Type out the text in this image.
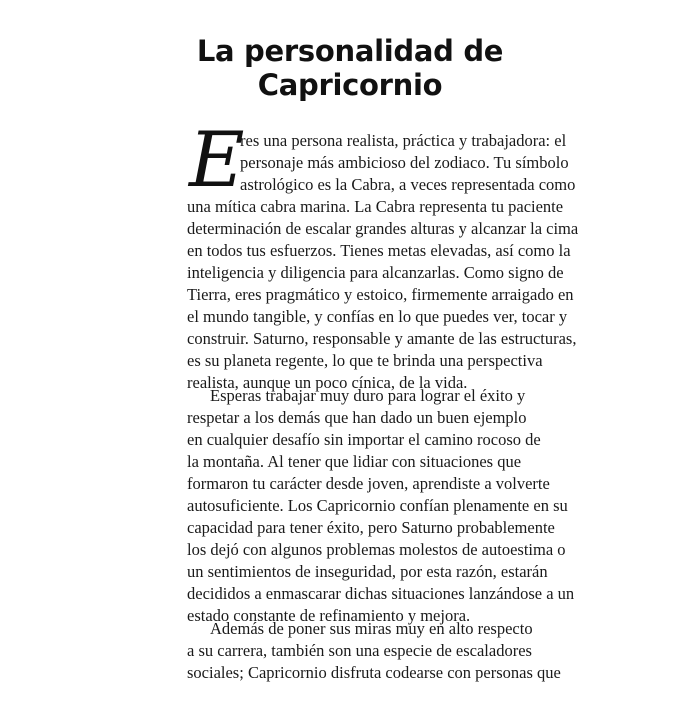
La personalidad de
Capricornio
E
res una persona realista, práctica y trabajadora: el
personaje más ambicioso del zodiaco. Tu símbolo
astrológico es la Cabra, a veces representada como
una mítica cabra marina. La Cabra representa tu paciente
determinación de escalar grandes alturas y alcanzar la cima
en todos tus esfuerzos. Tienes metas elevadas, así como la
inteligencia y diligencia para alcanzarlas. Como signo de
Tierra, eres pragmático y estoico, firmemente arraigado en
el mundo tangible, y confías en lo que puedes ver, tocar y
construir. Saturno, responsable y amante de las estructuras,
es su planeta regente, lo que te brinda una perspectiva
realista, aunque un poco cínica, de la vida.
Esperas trabajar muy duro para lograr el éxito y
respetar a los demás que han dado un buen ejemplo
en cualquier desafío sin importar el camino rocoso de
la montaña. Al tener que lidiar con situaciones que
formaron tu carácter desde joven, aprendiste a volverte
autosuficiente. Los Capricornio confían plenamente en su
capacidad para tener éxito, pero Saturno probablemente
los dejó con algunos problemas molestos de autoestima o
un sentimientos de inseguridad, por esta razón, estarán
decididos a enmascarar dichas situaciones lanzándose a un
estado constante de refinamiento y mejora.
Además de poner sus miras muy en alto respecto
a su carrera, también son una especie de escaladores
sociales; Capricornio disfruta codearse con personas que
